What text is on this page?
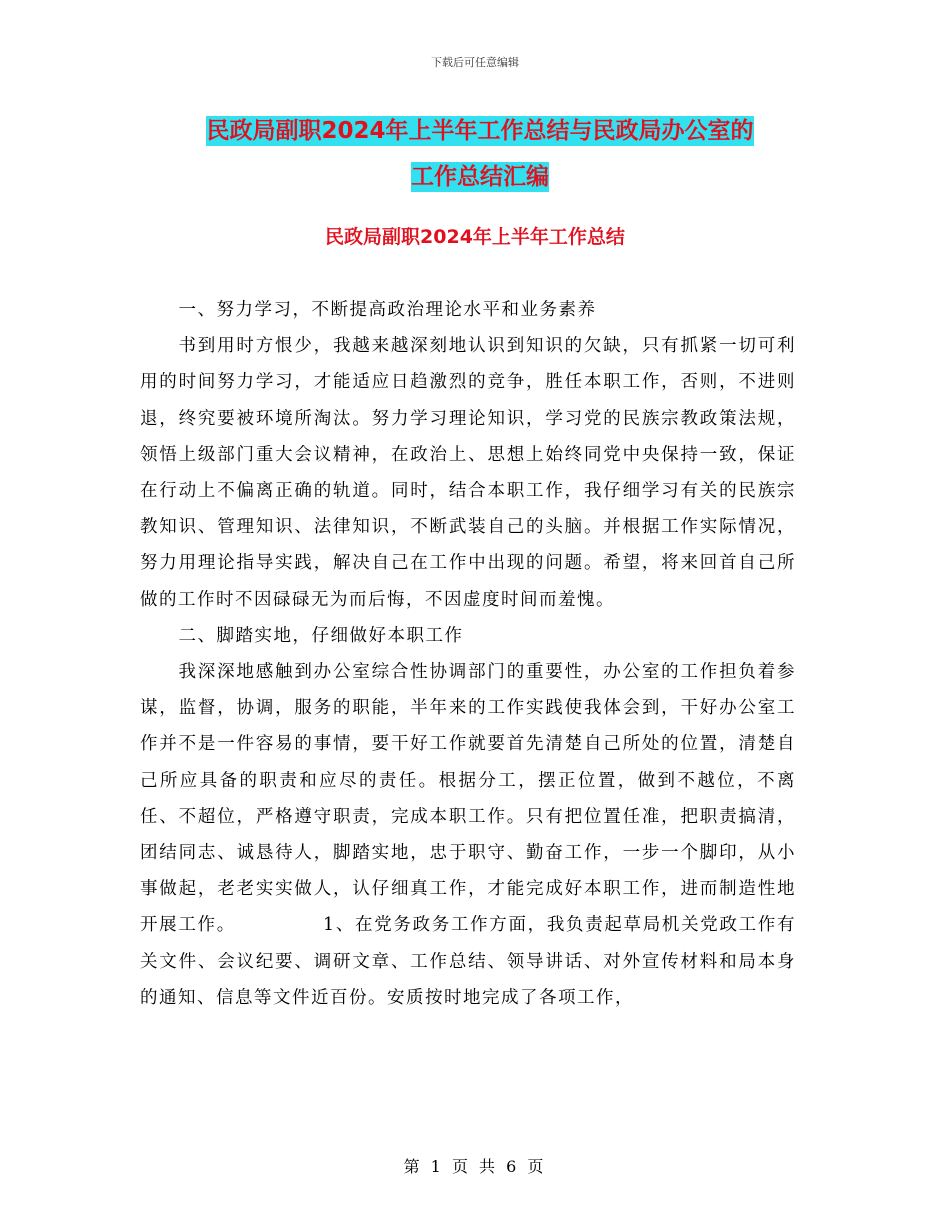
下载后可任意编辑
民政局副职2024年上半年工作总结与民政局办公室的
工作总结汇编
民政局副职2024年上半年工作总结

一、努力学习，不断提高政治理论水平和业务素养

书到用时方恨少，我越来越深刻地认识到知识的欠缺，只有抓紧一切可利用的时间努力学习，才能适应日趋激烈的竞争，胜任本职工作，否则，不进则退，终究要被环境所淘汰。努力学习理论知识，学习党的民族宗教政策法规，领悟上级部门重大会议精神，在政治上、思想上始终同党中央保持一致，保证在行动上不偏离正确的轨道。同时，结合本职工作，我仔细学习有关的民族宗教知识、管理知识、法律知识，不断武装自己的头脑。并根据工作实际情况，努力用理论指导实践，解决自己在工作中出现的问题。希望，将来回首自己所做的工作时不因碌碌无为而后悔，不因虚度时间而羞愧。

二、脚踏实地，仔细做好本职工作

我深深地感触到办公室综合性协调部门的重要性，办公室的工作担负着参谋，监督，协调，服务的职能，半年来的工作实践使我体会到，干好办公室工作并不是一件容易的事情，要干好工作就要首先清楚自己所处的位置，清楚自己所应具备的职责和应尽的责任。根据分工，摆正位置，做到不越位，不离任、不超位，严格遵守职责，完成本职工作。只有把位置任准，把职责搞清，团结同志、诚恳待人，脚踏实地，忠于职守、勤奋工作，一步一个脚印，从小事做起，老老实实做人，认仔细真工作，才能完成好本职工作，进而制造性地开展工作。　　　　　1、在党务政务工作方面，我负责起草局机关党政工作有关文件、会议纪要、调研文章、工作总结、领导讲话、对外宣传材料和局本身的通知、信息等文件近百份。安质按时地完成了各项工作，

第 1 页 共 6 页
